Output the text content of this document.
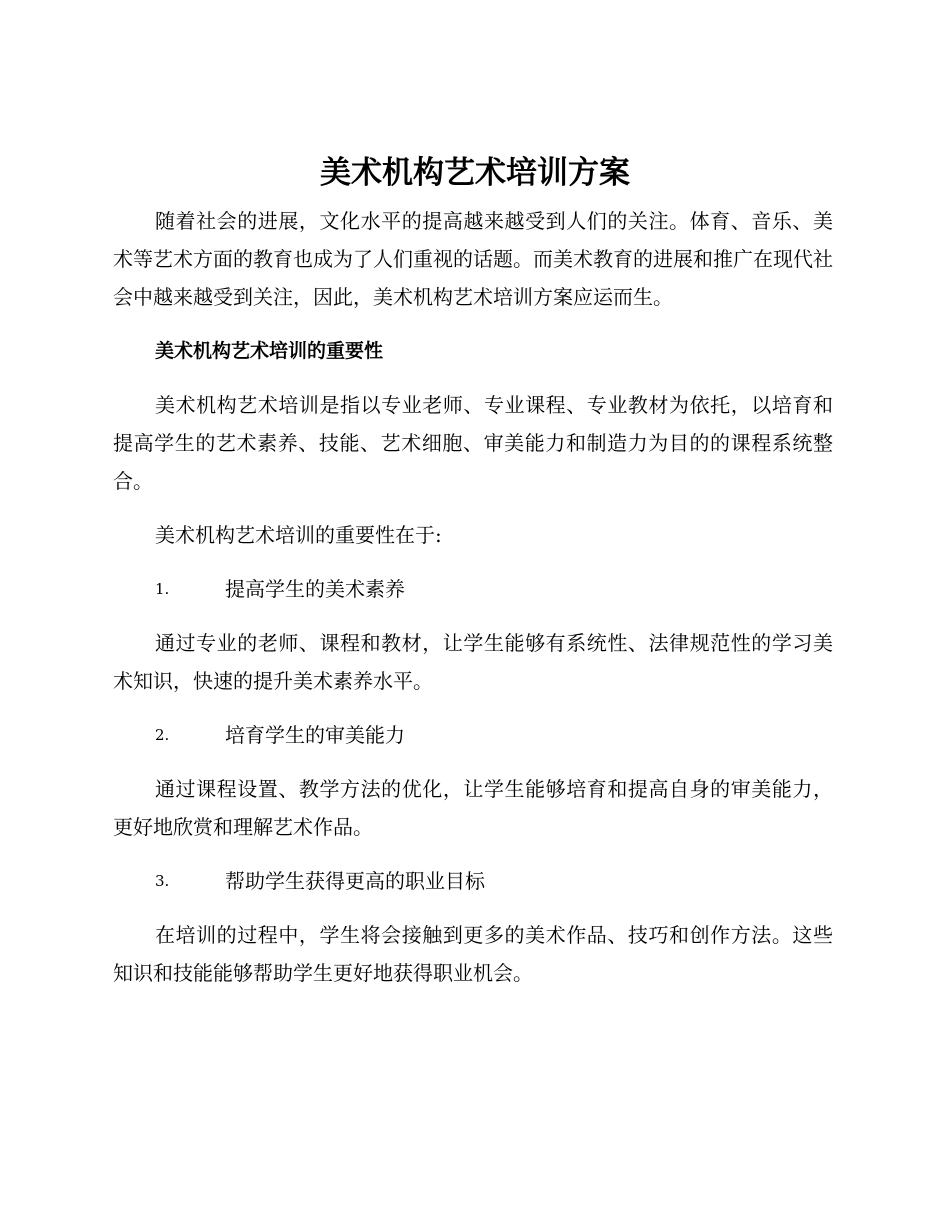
美术机构艺术培训方案

随着社会的进展，文化水平的提高越来越受到人们的关注。体育、音乐、美术等艺术方面的教育也成为了人们重视的话题。而美术教育的进展和推广在现代社会中越来越受到关注，因此，美术机构艺术培训方案应运而生。

美术机构艺术培训的重要性

美术机构艺术培训是指以专业老师、专业课程、专业教材为依托，以培育和提高学生的艺术素养、技能、艺术细胞、审美能力和制造力为目的的课程系统整合。

美术机构艺术培训的重要性在于:

1.	提高学生的美术素养

通过专业的老师、课程和教材，让学生能够有系统性、法律规范性的学习美术知识，快速的提升美术素养水平。

2.	培育学生的审美能力

通过课程设置、教学方法的优化，让学生能够培育和提高自身的审美能力，更好地欣赏和理解艺术作品。

3.	帮助学生获得更高的职业目标

在培训的过程中，学生将会接触到更多的美术作品、技巧和创作方法。这些知识和技能能够帮助学生更好地获得职业机会。
